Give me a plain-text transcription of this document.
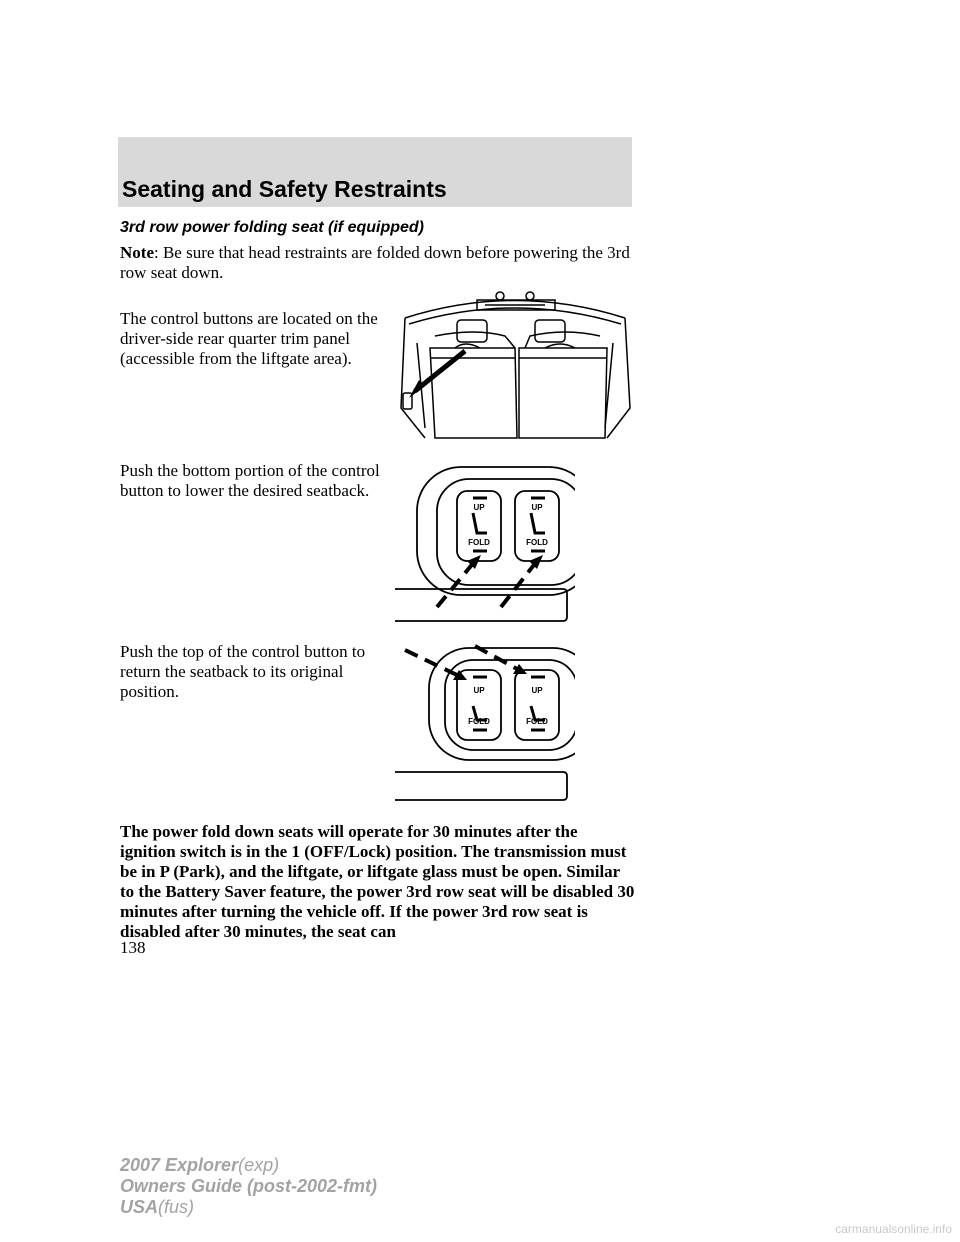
Seating and Safety Restraints
3rd row power folding seat (if equipped)
Note: Be sure that head restraints are folded down before powering the 3rd row seat down.
The control buttons are located on the driver-side rear quarter trim panel (accessible from the liftgate area).
Push the bottom portion of the control button to lower the desired seatback.
Push the top of the control button to return the seatback to its original position.
The power fold down seats will operate for 30 minutes after the ignition switch is in the 1 (OFF/Lock) position. The transmission must be in P (Park), and the liftgate, or liftgate glass must be open. Similar to the Battery Saver feature, the power 3rd row seat will be disabled 30 minutes after turning the vehicle off. If the power 3rd row seat is disabled after 30 minutes, the seat can
138
2007 Explorer(exp)
Owners Guide (post-2002-fmt)
USA(fus)
carmanualsonline.info
UP	UP
FOLD	FOLD
UP	UP
FOLD	FOLD
